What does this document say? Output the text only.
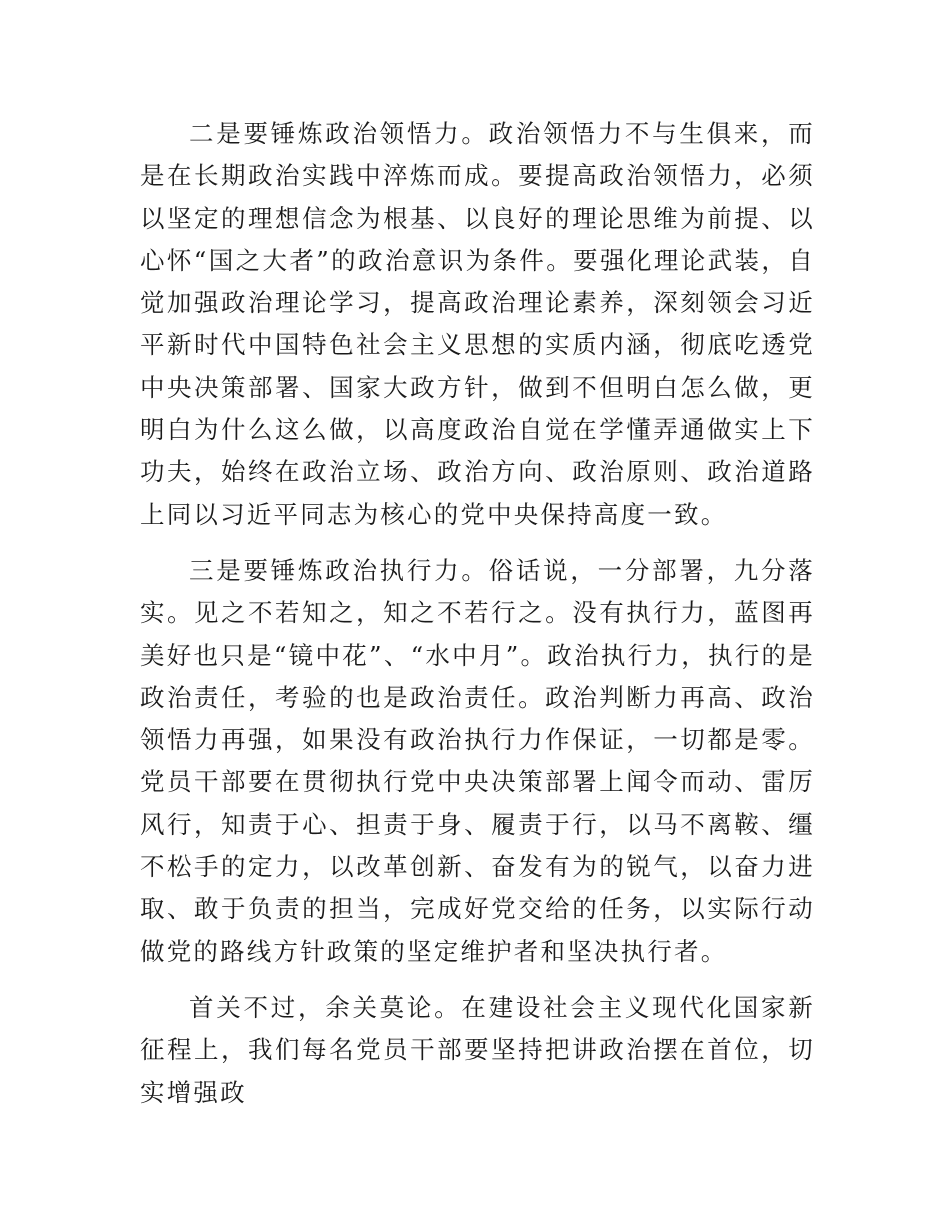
二是要锤炼政治领悟力。政治领悟力不与生俱来，而是在长期政治实践中淬炼而成。要提高政治领悟力，必须以坚定的理想信念为根基、以良好的理论思维为前提、以心怀“国之大者”的政治意识为条件。要强化理论武装，自觉加强政治理论学习，提高政治理论素养，深刻领会习近平新时代中国特色社会主义思想的实质内涵，彻底吃透党中央决策部署、国家大政方针，做到不但明白怎么做，更明白为什么这么做，以高度政治自觉在学懂弄通做实上下功夫，始终在政治立场、政治方向、政治原则、政治道路上同以习近平同志为核心的党中央保持高度一致。

三是要锤炼政治执行力。俗话说，一分部署，九分落实。见之不若知之，知之不若行之。没有执行力，蓝图再美好也只是“镜中花”、“水中月”。政治执行力，执行的是政治责任，考验的也是政治责任。政治判断力再高、政治领悟力再强，如果没有政治执行力作保证，一切都是零。党员干部要在贯彻执行党中央决策部署上闻令而动、雷厉风行，知责于心、担责于身、履责于行，以马不离鞍、缰不松手的定力，以改革创新、奋发有为的锐气，以奋力进取、敢于负责的担当，完成好党交给的任务，以实际行动做党的路线方针政策的坚定维护者和坚决执行者。

首关不过，余关莫论。在建设社会主义现代化国家新征程上，我们每名党员干部要坚持把讲政治摆在首位，切实增强政
